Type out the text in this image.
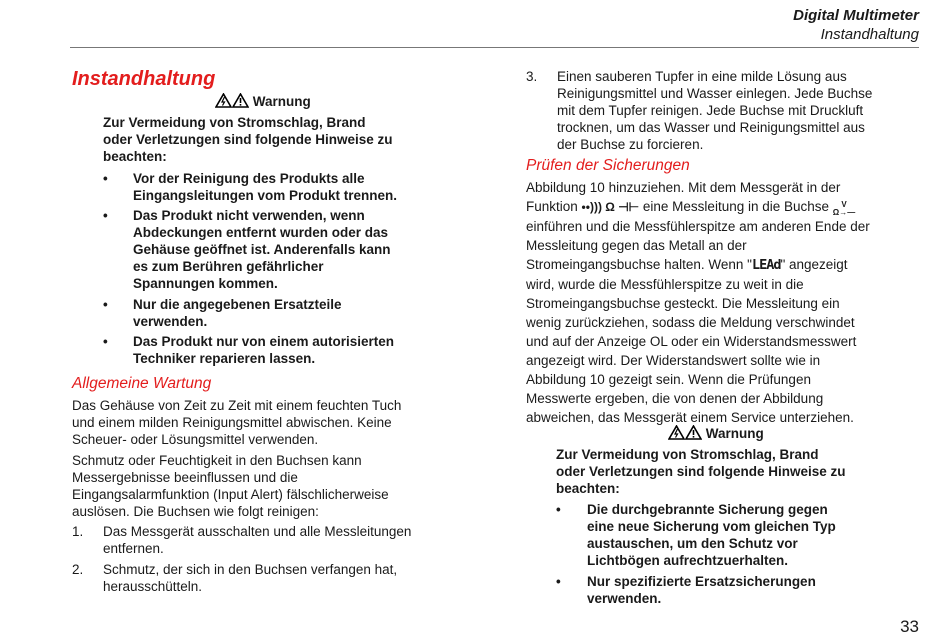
Digital Multimeter
Instandhaltung
Instandhaltung
Warnung
Zur Vermeidung von Stromschlag, Brand
oder Verletzungen sind folgende Hinweise zu
beachten:
• Vor der Reinigung des Produkts alle
Eingangsleitungen vom Produkt trennen.
• Das Produkt nicht verwenden, wenn
Abdeckungen entfernt wurden oder das
Gehäuse geöffnet ist. Anderenfalls kann
es zum Berühren gefährlicher
Spannungen kommen.
• Nur die angegebenen Ersatzteile
verwenden.
• Das Produkt nur von einem autorisierten
Techniker reparieren lassen.
Allgemeine Wartung
Das Gehäuse von Zeit zu Zeit mit einem feuchten Tuch
und einem milden Reinigungsmittel abwischen. Keine
Scheuer- oder Lösungsmittel verwenden.
Schmutz oder Feuchtigkeit in den Buchsen kann
Messergebnisse beeinflussen und die
Eingangsalarmfunktion (Input Alert) fälschlicherweise
auslösen. Die Buchsen wie folgt reinigen:
1. Das Messgerät ausschalten und alle Messleitungen
entfernen.
2. Schmutz, der sich in den Buchsen verfangen hat,
herausschütteln.
3. Einen sauberen Tupfer in eine milde Lösung aus
Reinigungsmittel und Wasser einlegen. Jede Buchse
mit dem Tupfer reinigen. Jede Buchse mit Druckluft
trocknen, um das Wasser und Reinigungsmittel aus
der Buchse zu forcieren.
Prüfen der Sicherungen
Abbildung 10 hinzuziehen. Mit dem Messgerät in der
Funktion ••))) Ω ⊣⊢ eine Messleitung in die Buchse	V
Ω→—
einführen und die Messfühlerspitze am anderen Ende der
Messleitung gegen das Metall an der
Stromeingangsbuchse halten. Wenn "LEAd" angezeigt
wird, wurde die Messfühlerspitze zu weit in die
Stromeingangsbuchse gesteckt. Die Messleitung ein
wenig zurückziehen, sodass die Meldung verschwindet
und auf der Anzeige OL oder ein Widerstandsmesswert
angezeigt wird. Der Widerstandswert sollte wie in
Abbildung 10 gezeigt sein. Wenn die Prüfungen
Messwerte ergeben, die von denen der Abbildung
abweichen, das Messgerät einem Service unterziehen.
Warnung
Zur Vermeidung von Stromschlag, Brand
oder Verletzungen sind folgende Hinweise zu
beachten:
• Die durchgebrannte Sicherung gegen
eine neue Sicherung vom gleichen Typ
austauschen, um den Schutz vor
Lichtbögen aufrechtzuerhalten.
• Nur spezifizierte Ersatzsicherungen
verwenden.
33
